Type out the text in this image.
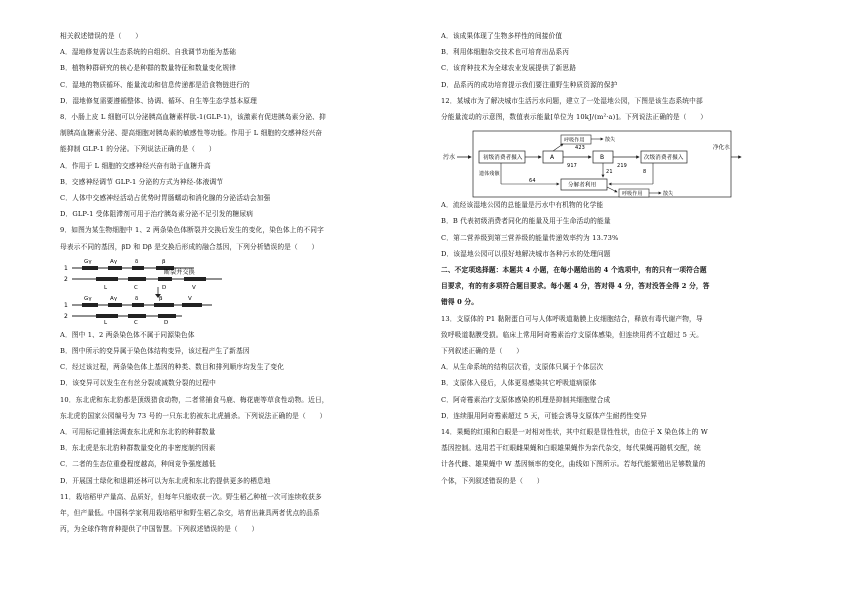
相关叙述错误的是（　　）

A．湿地修复需以生态系统的自组织、自我调节功能为基础

B．植物种群研究的核心是种群的数量特征和数量变化规律

C．湿地的物质循环、能量流动和信息传递都是沿食物链进行的

D．湿地修复需要遵循整体、协调、循环、自生等生态学基本原理

8．小肠上皮 L 细胞可以分泌胰高血糖素样肽-1(GLP-1)，该激素有促进胰岛素分泌、抑

制胰高血糖素分泌、提高细胞对胰岛素的敏感性等功能。作用于 L 细胞的交感神经兴奋

能抑制 GLP-1 的分泌。下列说法正确的是（　　）

A．作用于 L 细胞的交感神经兴奋有助于血糖升高

B．交感神经调节 GLP-1 分泌的方式为神经-体液调节

C．人体中交感神经活动占优势时胃肠蠕动和消化腺的分泌活动会加强

D．GLP-1 受体阻滞剂可用于治疗胰岛素分泌不足引发的糖尿病

9．如图为某生物细胞中 1、2 两条染色体断裂并交换后发生的变化，染色体上的不同字

母表示不同的基因，βD 和 Dβ 是交换后形成的融合基因，下列分析错误的是（　　）

1
Gγ	Aγ	δ	β
2
L	C	D	V
断裂并交换
1
Gγ	Aγ	δ	β	V
2
L	C	D

A．图中 1、2 两条染色体不属于同源染色体

B．图中所示的变异属于染色体结构变异，该过程产生了新基因

C．经过该过程，两条染色体上基因的种类、数目和排列顺序均发生了变化

D．该变异可以发生在有丝分裂或减数分裂的过程中

10．东北虎和东北豹都是顶级猎食动物，二者常捕食马鹿、梅花鹿等草食性动物。近日，

东北虎豹国家公园编号为 73 号的一只东北豹被东北虎捕杀。下列说法正确的是（　　）

A．可用标记重捕法调查东北虎和东北豹的种群数量

B．东北虎是东北豹种群数量变化的非密度制约因素

C．二者的生态位重叠程度越高，种间竞争强度越低

D．开展国土绿化和退耕还林可以为东北虎和东北豹提供更多的栖息地

11．栽培稻甲产量高、品质好，但每年只能收获一次。野生稻乙种植一次可连续收获多

年，但产量低。中国科学家利用栽培稻甲和野生稻乙杂交，培育出兼具两者优点的品系

丙，为全球作物育种提供了中国智慧。下列叙述错误的是（　　）

A．该成果体现了生物多样性的间接价值

B．利用体细胞杂交技术也可培育出品系丙

C．该育种技术为全球农业发展提供了新思路

D．品系丙的成功培育提示我们要注重野生种质资源的保护

12．某城市为了解决城市生活污水问题，建立了一处湿地公园，下图是该生态系统中部

分能量流动的示意图，数值表示能量[单位为 10kJ/(m²·a)]。下列说法正确的是（　　）

污水	初级消费者摄入	A
917
B
219
次级消费者摄入
呼吸作用
423
散失
分解者利用
遗体残骸
64
21	8
呼吸作用	散失
净化水

A．流经该湿地公园的总能量是污水中有机物的化学能

B．B 代表初级消费者同化的能量及用于生命活动的能量

C．第二营养级到第三营养级的能量传递效率约为 13.73%

D．该湿地公园可以很好地解决城市各种污水的处理问题

二、不定项选择题：本题共 4 小题，在每小题给出的 4 个选项中，有的只有一项符合题

目要求，有的有多项符合题目要求。每小题 4 分，答对得 4 分，答对没答全得 2 分，答

错得 0 分。

13．支原体的 P1 黏附蛋白可与人体呼吸道黏膜上皮细胞结合，释放有毒代谢产物，导

致呼吸道黏膜受损。临床上常用阿奇霉素治疗支原体感染，但连续用药不宜超过 5 天。

下列叙述正确的是（　　）

A．从生命系统的结构层次看，支原体只属于个体层次

B．支原体入侵后，人体更易感染其它呼吸道病原体

C．阿奇霉素治疗支原体感染的机理是抑制其细胞壁合成

D．连续服用阿奇霉素超过 5 天，可能会诱导支原体产生耐药性变异

14．果蝇的红眼和白眼是一对相对性状，其中红眼是显性性状，由位于 X 染色体上的 W

基因控制。选用若干红眼雌果蝇和白眼雄果蝇作为亲代杂交，每代果蝇再随机交配，统

计各代雌、雄果蝇中 W 基因频率的变化，曲线如下图所示。若每代能繁殖出足够数量的

个体，下列叙述错误的是（　　）
